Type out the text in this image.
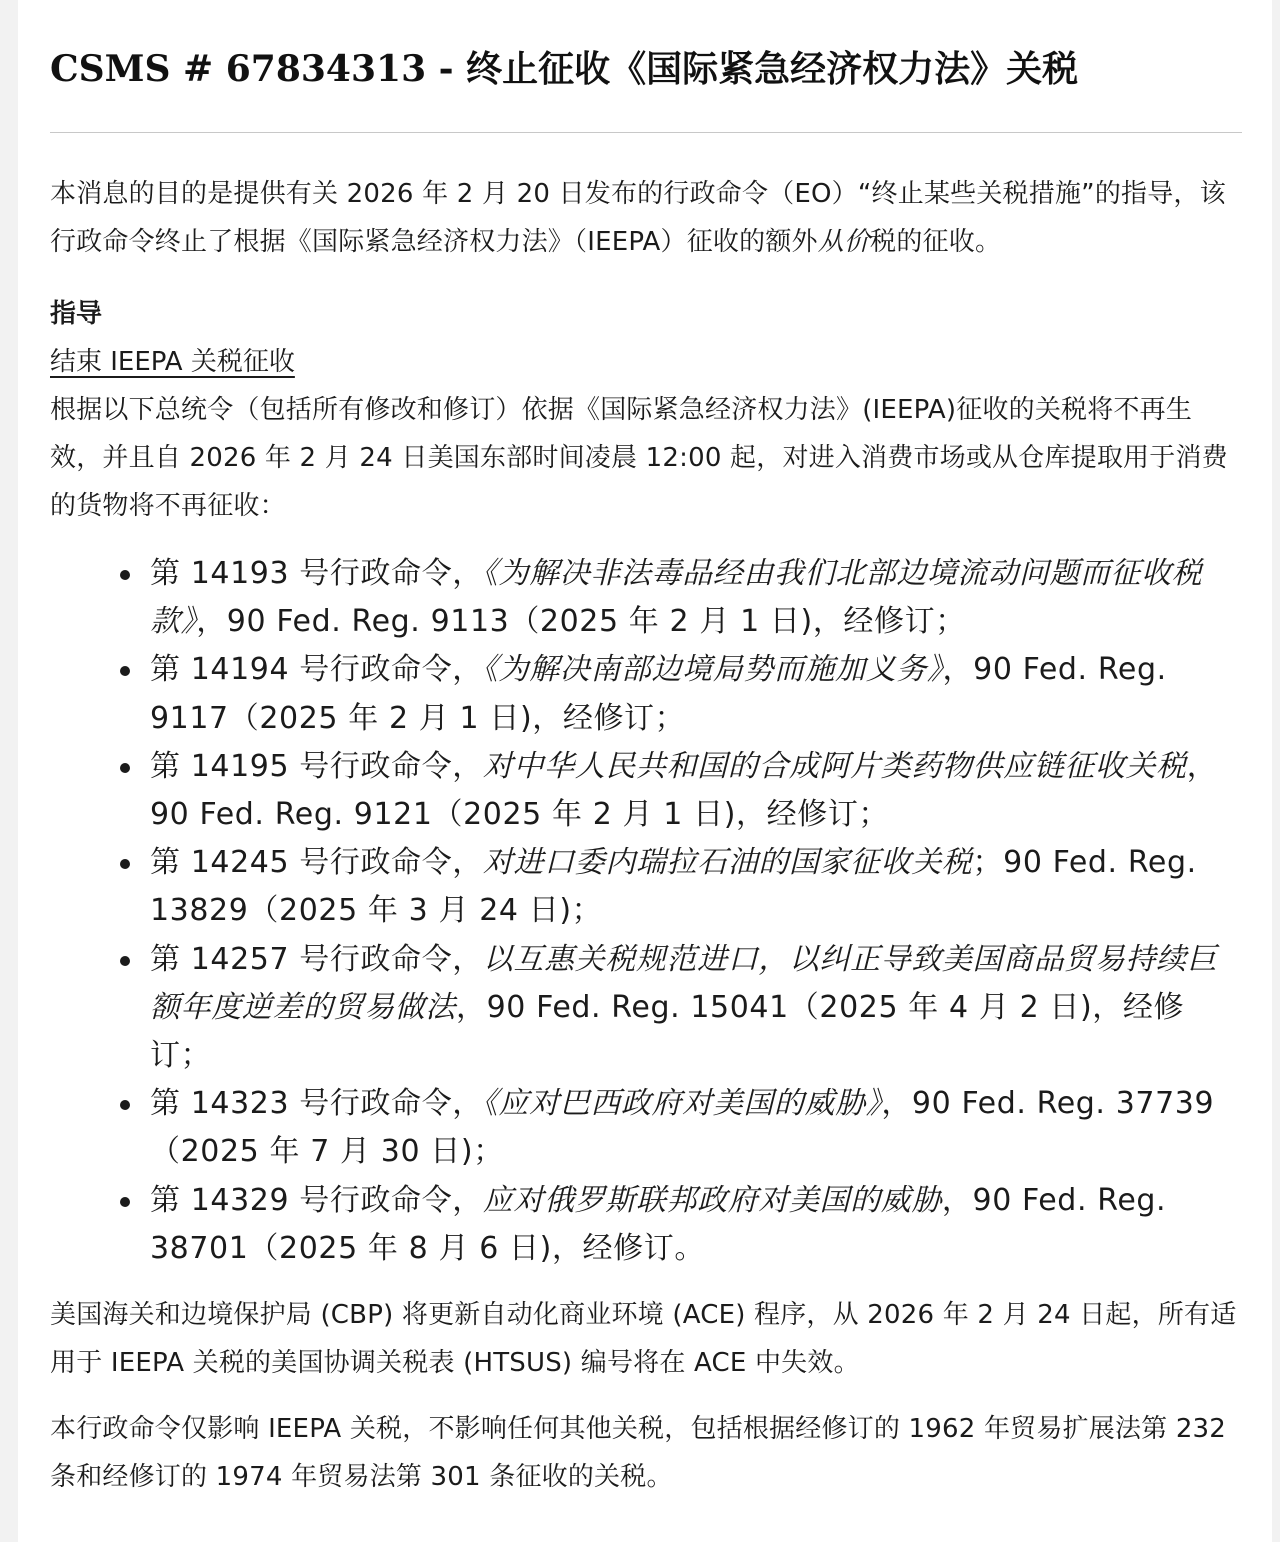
CSMS # 67834313 - 终止征收《国际紧急经济权力法》关税

本消息的目的是提供有关 2026 年 2 月 20 日发布的行政命令（EO）“终止某些关税措施”的指导，该行政命令终止了根据《国际紧急经济权力法》（IEEPA）征收的额外从价税的征收。

指导
结束 IEEPA 关税征收

根据以下总统令（包括所有修改和修订）依据《国际紧急经济权力法》(IEEPA)征收的关税将不再生效，并且自 2026 年 2 月 24 日美国东部时间凌晨 12:00 起，对进入消费市场或从仓库提取用于消费的货物将不再征收：

第 14193 号行政命令，《为解决非法毒品经由我们北部边境流动问题而征收税款》，90 Fed. Reg. 9113（2025 年 2 月 1 日)，经修订；
第 14194 号行政命令，《为解决南部边境局势而施加义务》，90 Fed. Reg. 9117（2025 年 2 月 1 日)，经修订；
第 14195 号行政命令，对中华人民共和国的合成阿片类药物供应链征收关税，90 Fed. Reg. 9121（2025 年 2 月 1 日)，经修订；
第 14245 号行政命令，对进口委内瑞拉石油的国家征收关税；90 Fed. Reg. 13829（2025 年 3 月 24 日)；
第 14257 号行政命令，以互惠关税规范进口，以纠正导致美国商品贸易持续巨额年度逆差的贸易做法，90 Fed. Reg. 15041（2025 年 4 月 2 日)，经修订；
第 14323 号行政命令，《应对巴西政府对美国的威胁》，90 Fed. Reg. 37739（2025 年 7 月 30 日)；
第 14329 号行政命令，应对俄罗斯联邦政府对美国的威胁，90 Fed. Reg. 38701（2025 年 8 月 6 日)，经修订。

美国海关和边境保护局 (CBP) 将更新自动化商业环境 (ACE) 程序，从 2026 年 2 月 24 日起，所有适用于 IEEPA 关税的美国协调关税表 (HTSUS) 编号将在 ACE 中失效。

本行政命令仅影响 IEEPA 关税，不影响任何其他关税，包括根据经修订的 1962 年贸易扩展法第 232 条和经修订的 1974 年贸易法第 301 条征收的关税。
